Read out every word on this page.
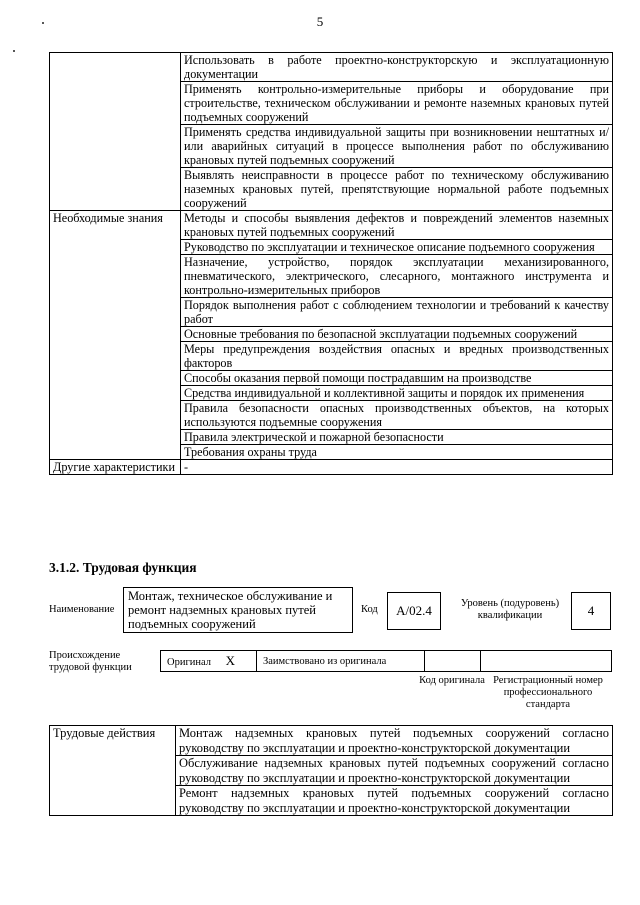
5
	Использовать в работе проектно-конструкторскую и эксплуатационную документации
	Применять контрольно-измерительные приборы и оборудование при строительстве, техническом обслуживании и ремонте наземных крановых путей подъемных сооружений
	Применять средства индивидуальной защиты при возникновении нештатных и/или аварийных ситуаций в процессе выполнения работ по обслуживанию крановых путей подъемных сооружений
	Выявлять неисправности в процессе работ по техническому обслуживанию наземных крановых путей, препятствующие нормальной работе подъемных сооружений
Необходимые знания	Методы и способы выявления дефектов и повреждений элементов наземных крановых путей подъемных сооружений
	Руководство по эксплуатации и техническое описание подъемного сооружения
	Назначение, устройство, порядок эксплуатации механизированного, пневматического, электрического, слесарного, монтажного инструмента и контрольно-измерительных приборов
	Порядок выполнения работ с соблюдением технологии и требований к качеству работ
	Основные требования по безопасной эксплуатации подъемных сооружений
	Меры предупреждения воздействия опасных и вредных производственных факторов
	Способы оказания первой помощи пострадавшим на производстве
	Средства индивидуальной и коллективной защиты и порядок их применения
	Правила безопасности опасных производственных объектов, на которых используются подъемные сооружения
	Правила электрической и пожарной безопасности
	Требования охраны труда
Другие характеристики	-
3.1.2. Трудовая функция
Наименование
Монтаж, техническое обслуживание и ремонт надземных крановых путей подъемных сооружений
Код	А/02.4	Уровень (подуровень) квалификации	4
Происхождение трудовой функции	Оригинал X	Заимствовано из оригинала		
Код оригинала Регистрационный номер профессионального стандарта
Трудовые действия	Монтаж надземных крановых путей подъемных сооружений согласно руководству по эксплуатации и проектно-конструкторской документации
Обслуживание надземных крановых путей подъемных сооружений согласно руководству по эксплуатации и проектно-конструкторской документации
Ремонт надземных крановых путей подъемных сооружений согласно руководству по эксплуатации и проектно-конструкторской документации
